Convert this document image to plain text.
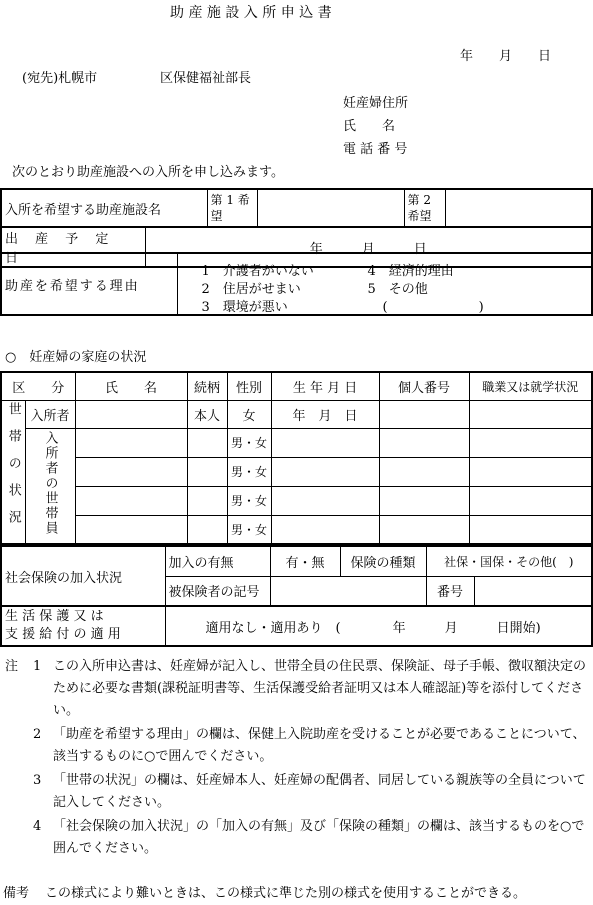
助 産 施 設 入 所 申 込 書
年　　月　　日
(宛先)札幌市	区保健福祉部長
妊産婦住所
氏　　名
電 話 番 号
次のとおり助産施設への入所を申し込みます。
入所を希望する助産施設名	第 1 希望		第 2 希望	
出 産 予 定 日	年　　　月　　　日
助産を希望する理由	
1　介護者がいない	4　経済的理由
2　住居がせまい	5　その他
3　環境が悪い	(　　　　　　　)
○　妊産婦の家庭の状況
区　　分		氏　　名	続柄	性別	生 年 月 日	個人番号	職業又は就学状況
世帯の状況	入所者		本人	女	年　月　日		
	入所者の世帯員			男・女			
				男・女			
				男・女			
				男・女			
社会保険の加入状況	加入の有無	有・無	保険の種類	社保・国保・その他(　)	
	被保険者の記号			番号	
生 活 保 護 又 は
支 援 給 付 の 適 用	適用なし・適用あり　(　　　　年　　　月　　　日開始)
注 1 この入所申込書は、妊産婦が記入し、世帯全員の住民票、保険証、母子手帳、徴収額決定のために必要な書類(課税証明書等、生活保護受給者証明又は本人確認証)等を添付してください。
2 「助産を希望する理由」の欄は、保健上入院助産を受けることが必要であることについて、該当するものに○で囲んでください。
3 「世帯の状況」の欄は、妊産婦本人、妊産婦の配偶者、同居している親族等の全員について記入してください。
4 「社会保険の加入状況」の「加入の有無」及び「保険の種類」の欄は、該当するものを○で囲んでください。
備考 この様式により難いときは、この様式に準じた別の様式を使用することができる。
